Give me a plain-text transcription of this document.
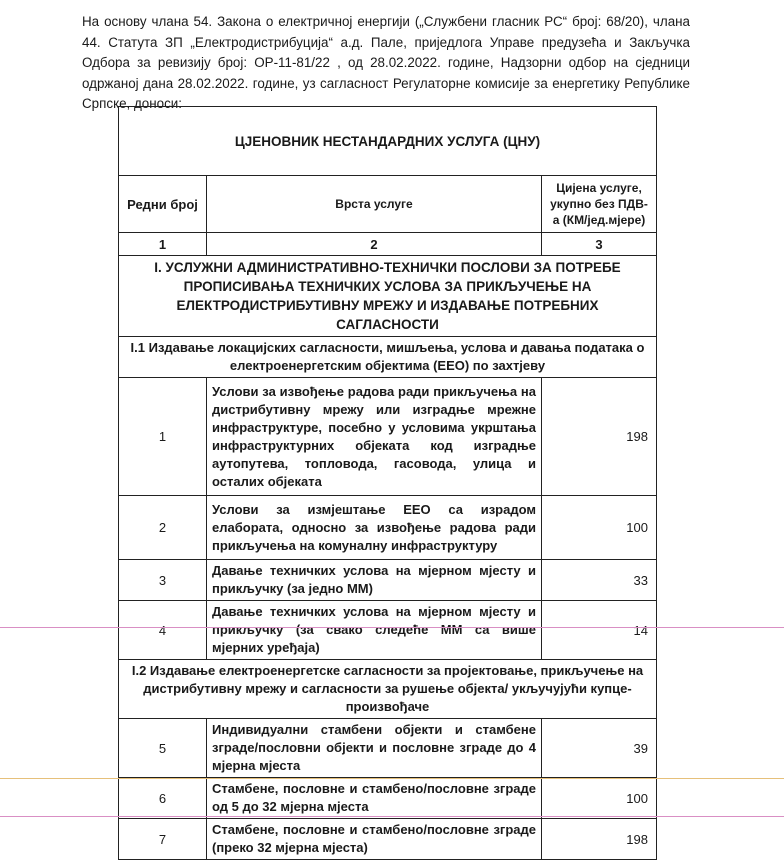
На основу члана 54. Закона о електричној енергији („Службени гласник РС“ број: 68/20), члана 44. Статута ЗП „Електродистрибуција“ а.д. Пале, приједлога Управе предузећа и Закључка Одбора за ревизију број: ОР-11-81/22 , од 28.02.2022. године, Надзорни одбор на сједници одржаној дана 28.02.2022. године, уз сагласност Регулаторне комисије за енергетику Републике Српске, доноси:
ЦЈЕНОВНИК НЕСТАНДАРДНИХ УСЛУГА (ЦНУ)		
Редни број	Врста услуге	Цијена услуге, укупно без ПДВ-а (КМ/јед.мјере)
1	2	3
I. УСЛУЖНИ АДМИНИСТРАТИВНО-ТЕХНИЧКИ ПОСЛОВИ ЗА ПОТРЕБЕ ПРОПИСИВАЊА ТЕХНИЧКИХ УСЛОВА ЗА ПРИКЉУЧЕЊЕ НА ЕЛЕКТРОДИСТРИБУТИВНУ МРЕЖУ И ИЗДАВАЊЕ ПОТРЕБНИХ САГЛАСНОСТИ		
I.1 Издавање локацијских сагласности, мишљења, услова и давања података о електроенергетским објектима (ЕЕО) по захтјеву		
1	Услови за извођење радова ради прикључења на дистрибутивну мрежу или изградње мрежне инфраструктуре, посебно у условима укрштања инфраструктурних објеката код изградње аутопутева, топловода, гасовода, улица и осталих објеката	198
2	Услови за измјештање ЕЕО са израдом елабората, односно за извођење радова ради прикључења на комуналну инфраструктуру	100
3	Давање техничких услова на мјерном мјесту и прикључку (за једно ММ)	33
4	Давање техничких услова на мјерном мјесту и прикључку (за свако следеће ММ са више мјерних уређаја)	14
I.2 Издавање електроенергетске сагласности за пројектовање, прикључење на дистрибутивну мрежу и сагласности за рушење објекта/ укључујући купце-произвођаче		
5	Индивидуални стамбени објекти и стамбене зграде/пословни објекти и пословне зграде до 4 мјерна мјеста	39
6	Стамбене, пословне и стамбено/пословне зграде од 5 до 32 мјерна мјеста	100
7	Стамбене, пословне и стамбено/пословне зграде (преко 32 мјерна мјеста)	198
